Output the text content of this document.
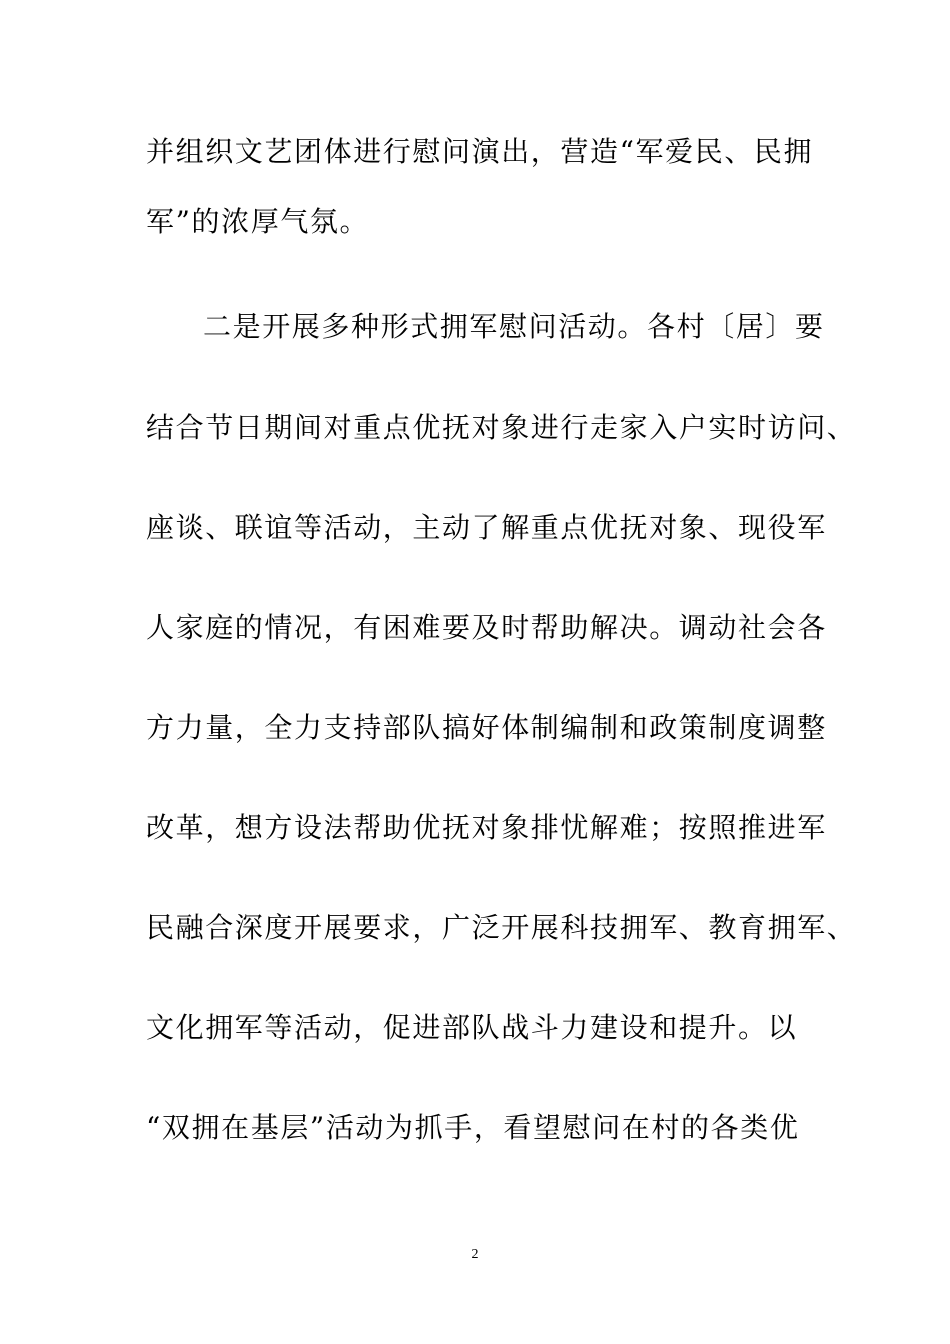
并组织文艺团体进行慰问演出，营造“军爱民、民拥
军”的浓厚气氛。
二是开展多种形式拥军慰问活动。各村〔居〕要
结合节日期间对重点优抚对象进行走家入户实时访问、
座谈、联谊等活动，主动了解重点优抚对象、现役军
人家庭的情况，有困难要及时帮助解决。调动社会各
方力量，全力支持部队搞好体制编制和政策制度调整
改革，想方设法帮助优抚对象排忧解难；按照推进军
民融合深度开展要求，广泛开展科技拥军、教育拥军、
文化拥军等活动，促进部队战斗力建设和提升。以
“双拥在基层”活动为抓手，看望慰问在村的各类优
2
